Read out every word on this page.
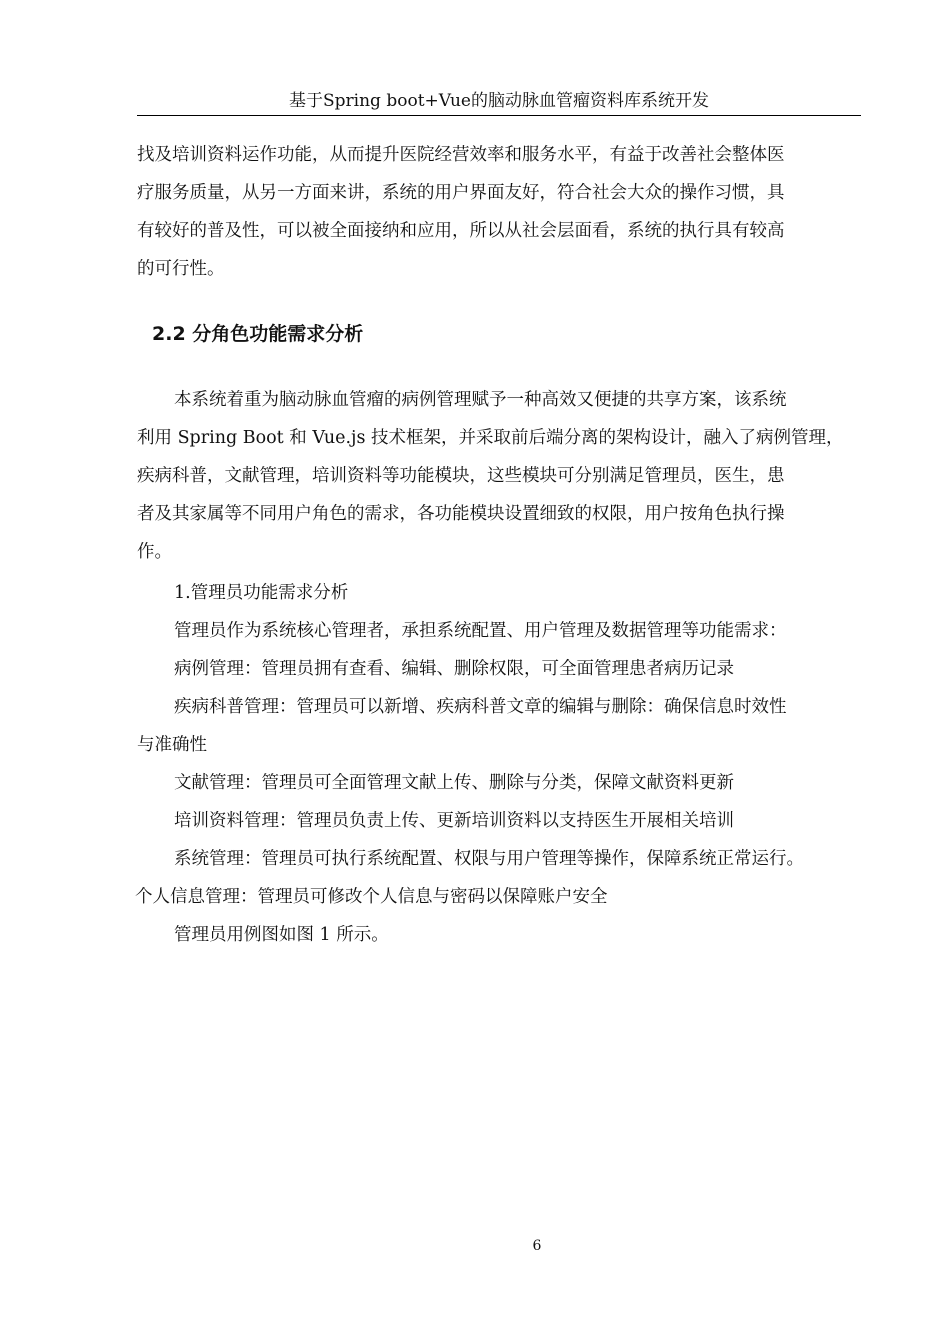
基于Spring boot+Vue的脑动脉血管瘤资料库系统开发
找及培训资料运作功能，从而提升医院经营效率和服务水平，有益于改善社会整体医
疗服务质量，从另一方面来讲，系统的用户界面友好，符合社会大众的操作习惯，具
有较好的普及性，可以被全面接纳和应用，所以从社会层面看，系统的执行具有较高
的可行性。
2.2 分角色功能需求分析
本系统着重为脑动脉血管瘤的病例管理赋予一种高效又便捷的共享方案，该系统
利用 Spring Boot 和 Vue.js 技术框架，并采取前后端分离的架构设计，融入了病例管理，
疾病科普，文献管理，培训资料等功能模块，这些模块可分别满足管理员，医生，患
者及其家属等不同用户角色的需求，各功能模块设置细致的权限，用户按角色执行操
作。
1.管理员功能需求分析
管理员作为系统核心管理者，承担系统配置、用户管理及数据管理等功能需求：
病例管理：管理员拥有查看、编辑、删除权限，可全面管理患者病历记录
疾病科普管理：管理员可以新增、疾病科普文章的编辑与删除：确保信息时效性
与准确性
文献管理：管理员可全面管理文献上传、删除与分类，保障文献资料更新
培训资料管理：管理员负责上传、更新培训资料以支持医生开展相关培训
系统管理：管理员可执行系统配置、权限与用户管理等操作，保障系统正常运行。
个人信息管理：管理员可修改个人信息与密码以保障账户安全
管理员用例图如图 1 所示。
6
